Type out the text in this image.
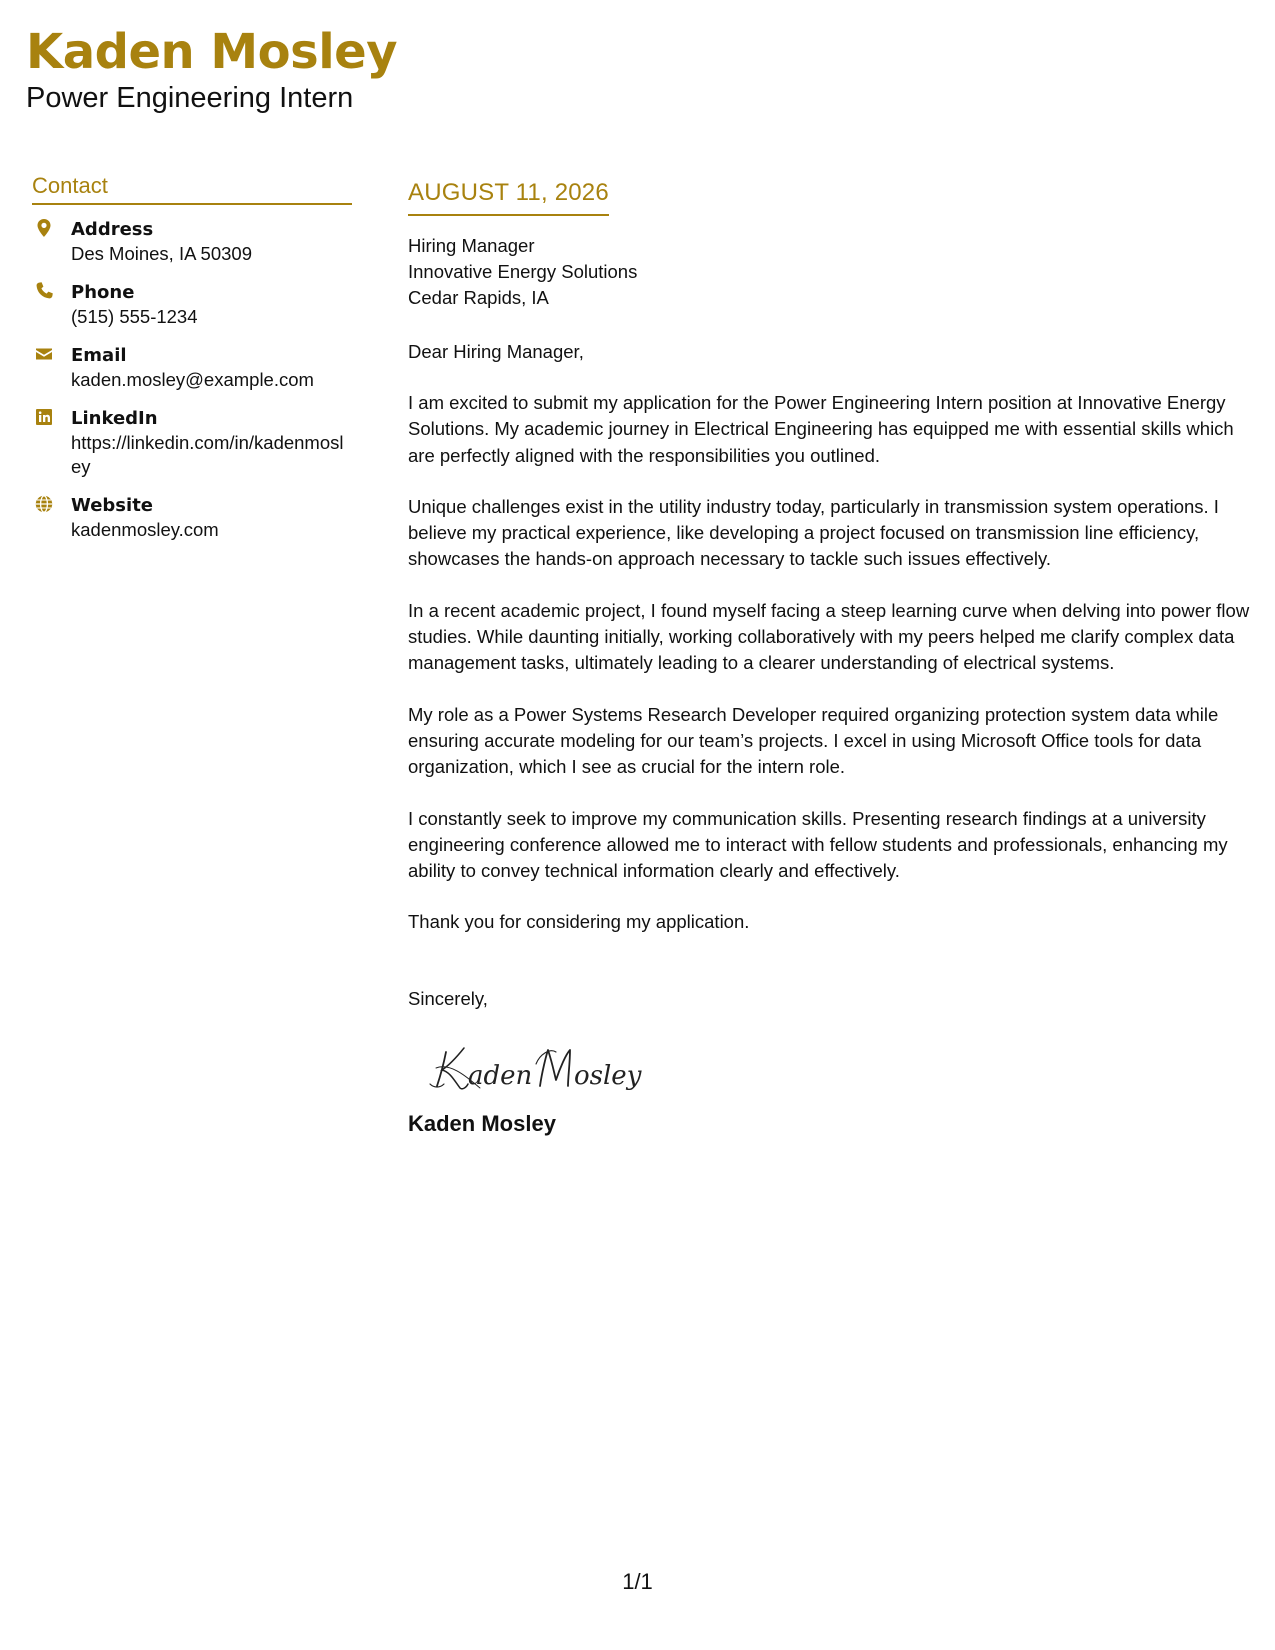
Kaden Mosley
Power Engineering Intern
Contact
Address
Des Moines, IA 50309
Phone
(515) 555-1234
Email
kaden.mosley@example.com
LinkedIn
https://linkedin.com/in/kadenmosley
Website
kadenmosley.com
AUGUST 11, 2026
Hiring Manager
Innovative Energy Solutions
Cedar Rapids, IA
Dear Hiring Manager,

I am excited to submit my application for the Power Engineering Intern position at Innovative Energy Solutions. My academic journey in Electrical Engineering has equipped me with essential skills which are perfectly aligned with the responsibilities you outlined.

Unique challenges exist in the utility industry today, particularly in transmission system operations. I believe my practical experience, like developing a project focused on transmission line efficiency, showcases the hands-on approach necessary to tackle such issues effectively.

In a recent academic project, I found myself facing a steep learning curve when delving into power flow studies. While daunting initially, working collaboratively with my peers helped me clarify complex data management tasks, ultimately leading to a clearer understanding of electrical systems.

My role as a Power Systems Research Developer required organizing protection system data while ensuring accurate modeling for our team’s projects. I excel in using Microsoft Office tools for data organization, which I see as crucial for the intern role.

I constantly seek to improve my communication skills. Presenting research findings at a university engineering conference allowed me to interact with fellow students and professionals, enhancing my ability to convey technical information clearly and effectively.

Thank you for considering my application.

Sincerely,
aden osley
Kaden Mosley
1/1
